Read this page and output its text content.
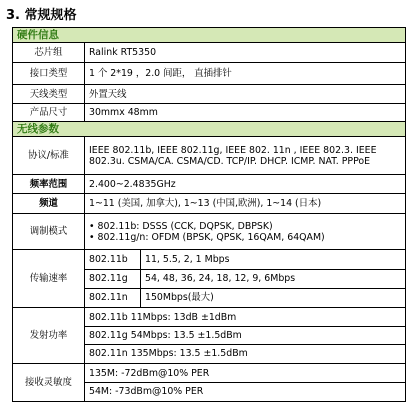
3. 常规规格
硬件信息
芯片组	Ralink RT5350
接口类型	1 个 2*19 ，2.0 间距， 直插排针
天线类型	外置天线
产品尺寸	30mmx 48mm
无线参数
协议/标准	IEEE 802.11b, IEEE 802.11g, IEEE 802. 11n , IEEE 802.3. IEEE
802.3u. CSMA/CA. CSMA/CD. TCP/IP. DHCP. ICMP. NAT. PPPoE

频率范围	2.400~2.4835GHz
频道	1~11 (美国, 加拿大), 1~13 (中国,欧洲), 1~14 (日本)
调制模式	• 802.11b: DSSS (CCK, DQPSK, DBPSK)
• 802.11g/n: OFDM (BPSK, QPSK, 16QAM, 64QAM)

传输速率	
802.11b	11, 5.5, 2, 1 Mbps
802.11g	54, 48, 36, 24, 18, 12, 9, 6Mbps
802.11n	150Mbps(最大)

发射功率	
802.11b 11Mbps: 13dB ±1dBm
802.11g 54Mbps: 13.5 ±1.5dBm
802.11n 135Mbps: 13.5 ±1.5dBm

接收灵敏度	
135M: -72dBm@10% PER
54M: -73dBm@10% PER
